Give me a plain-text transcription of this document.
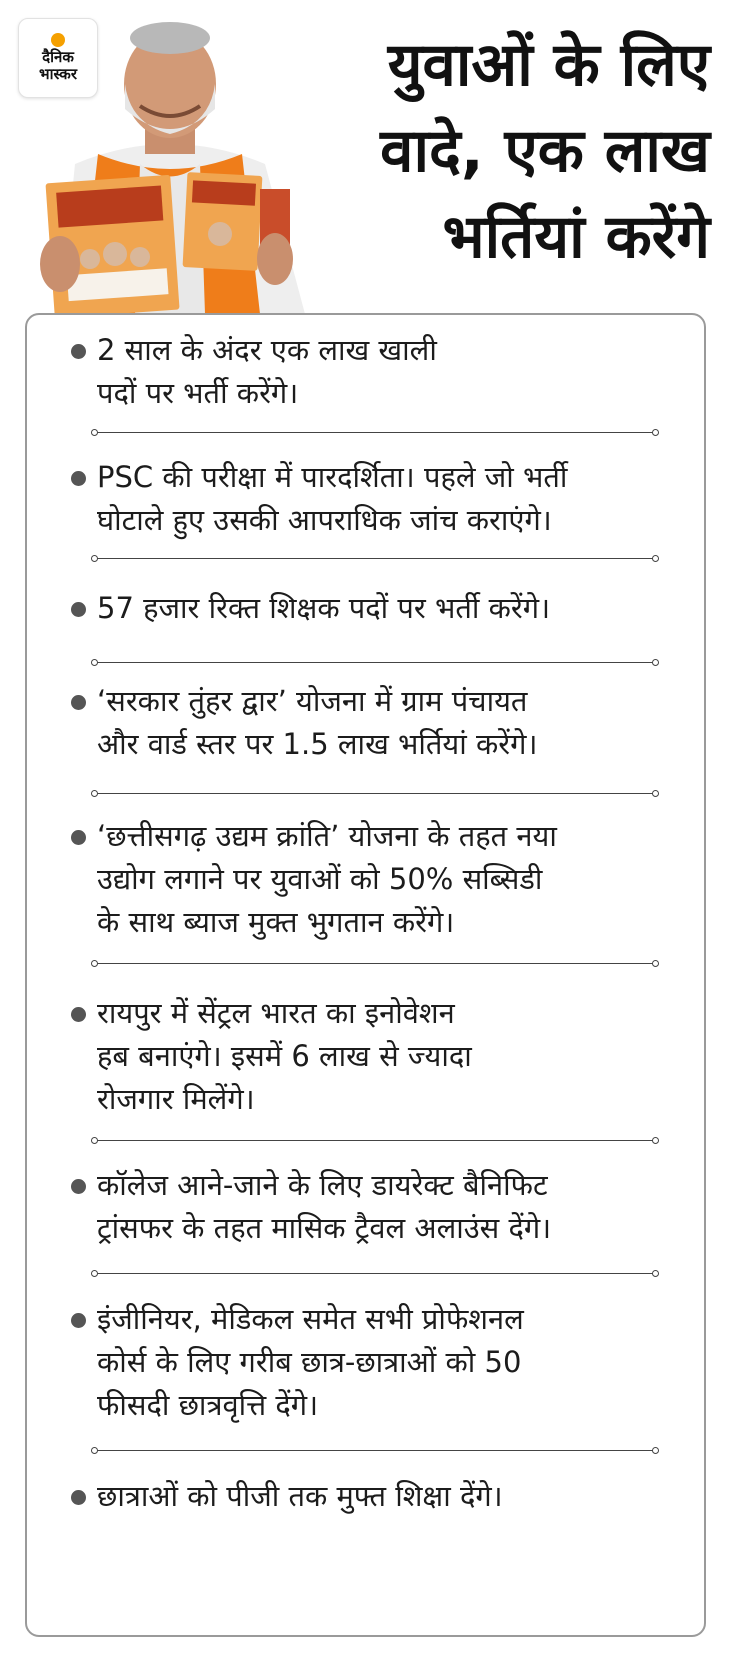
दैनिक
भास्कर	युवाओं के लिए
वादे, एक लाख
भर्तियां करेंगे
2 साल के अंदर एक लाख खाली
पदों पर भर्ती करेंगे।
PSC की परीक्षा में पारदर्शिता। पहले जो भर्ती
घोटाले हुए उसकी आपराधिक जांच कराएंगे।
57 हजार रिक्त शिक्षक पदों पर भर्ती करेंगे।
‘सरकार तुंहर द्वार’ योजना में ग्राम पंचायत
और वार्ड स्तर पर 1.5 लाख भर्तियां करेंगे।
‘छत्तीसगढ़ उद्यम क्रांति’ योजना के तहत नया
उद्योग लगाने पर युवाओं को 50% सब्सिडी
के साथ ब्याज मुक्त भुगतान करेंगे।
रायपुर में सेंट्रल भारत का इनोवेशन
हब बनाएंगे। इसमें 6 लाख से ज्यादा
रोजगार मिलेंगे।
कॉलेज आने-जाने के लिए डायरेक्ट बैनिफिट
ट्रांसफर के तहत मासिक ट्रैवल अलाउंस देंगे।
इंजीनियर, मेडिकल समेत सभी प्रोफेशनल
कोर्स के लिए गरीब छात्र-छात्राओं को 50
फीसदी छात्रवृत्ति देंगे।
छात्राओं को पीजी तक मुफ्त शिक्षा देंगे।
